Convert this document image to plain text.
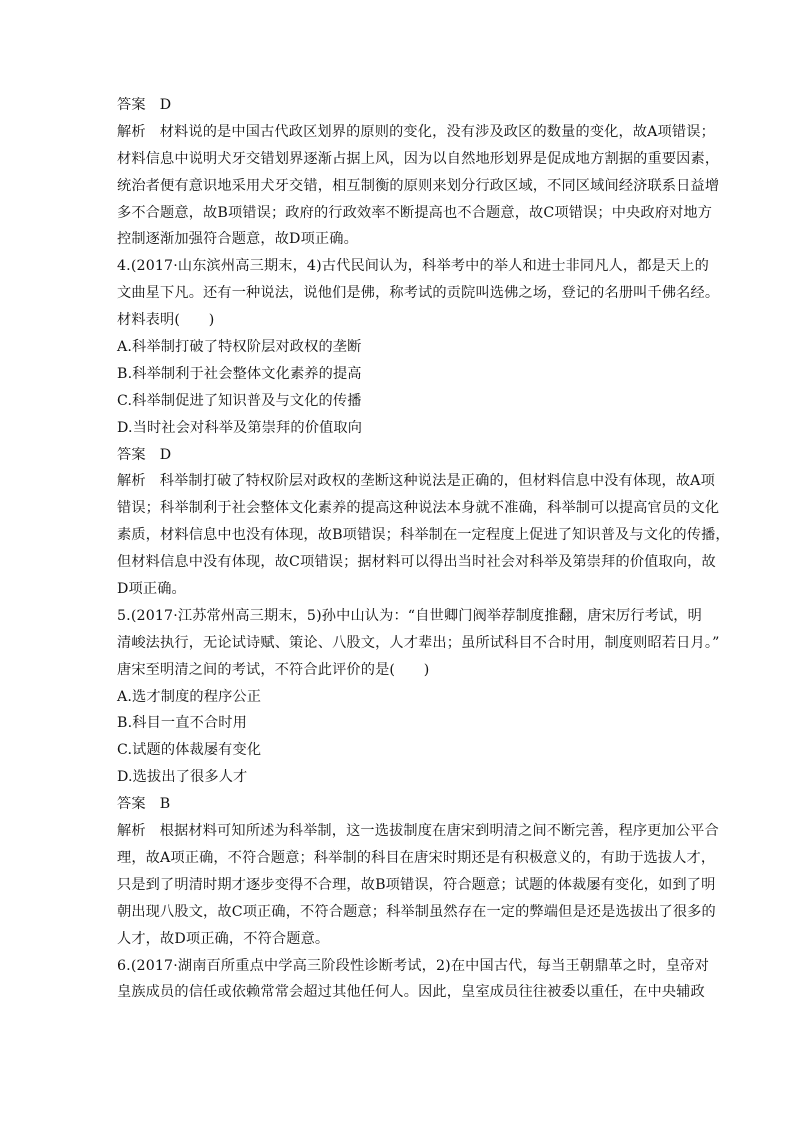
答案 D
解析 材料说的是中国古代政区划界的原则的变化，没有涉及政区的数量的变化，故A项错误；
材料信息中说明犬牙交错划界逐渐占据上风，因为以自然地形划界是促成地方割据的重要因素，
统治者便有意识地采用犬牙交错，相互制衡的原则来划分行政区域，不同区域间经济联系日益增
多不合题意，故B项错误；政府的行政效率不断提高也不合题意，故C项错误；中央政府对地方
控制逐渐加强符合题意，故D项正确。
4.(2017·山东滨州高三期末，4)古代民间认为，科举考中的举人和进士非同凡人，都是天上的
文曲星下凡。还有一种说法，说他们是佛，称考试的贡院叫选佛之场，登记的名册叫千佛名经。
材料表明(　　)
A.科举制打破了特权阶层对政权的垄断
B.科举制利于社会整体文化素养的提高
C.科举制促进了知识普及与文化的传播
D.当时社会对科举及第崇拜的价值取向
答案 D
解析 科举制打破了特权阶层对政权的垄断这种说法是正确的，但材料信息中没有体现，故A项
错误；科举制利于社会整体文化素养的提高这种说法本身就不准确，科举制可以提高官员的文化
素质，材料信息中也没有体现，故B项错误；科举制在一定程度上促进了知识普及与文化的传播，
但材料信息中没有体现，故C项错误；据材料可以得出当时社会对科举及第崇拜的价值取向，故
D项正确。
5.(2017·江苏常州高三期末，5)孙中山认为：“自世卿门阀举荐制度推翻，唐宋厉行考试，明
清峻法执行，无论试诗赋、策论、八股文，人才辈出；虽所试科目不合时用，制度则昭若日月。”
唐宋至明清之间的考试，不符合此评价的是(　　)
A.选才制度的程序公正
B.科目一直不合时用
C.试题的体裁屡有变化
D.选拔出了很多人才
答案 B
解析 根据材料可知所述为科举制，这一选拔制度在唐宋到明清之间不断完善，程序更加公平合
理，故A项正确，不符合题意；科举制的科目在唐宋时期还是有积极意义的，有助于选拔人才，
只是到了明清时期才逐步变得不合理，故B项错误，符合题意；试题的体裁屡有变化，如到了明
朝出现八股文，故C项正确，不符合题意；科举制虽然存在一定的弊端但是还是选拔出了很多的
人才，故D项正确，不符合题意。
6.(2017·湖南百所重点中学高三阶段性诊断考试，2)在中国古代，每当王朝鼎革之时，皇帝对
皇族成员的信任或依赖常常会超过其他任何人。因此，皇室成员往往被委以重任，在中央辅政
